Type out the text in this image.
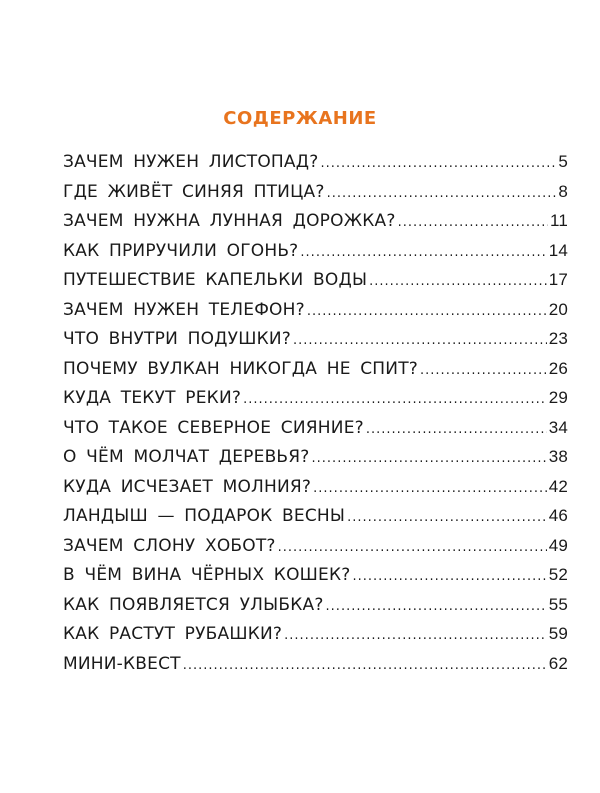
СОДЕРЖАНИЕ
ЗАЧЕМ НУЖЕН ЛИСТОПАД? .....	5
ГДЕ ЖИВЁТ СИНЯЯ ПТИЦА? .....	8
ЗАЧЕМ НУЖНА ЛУННАЯ ДОРОЖКА? .....	11
КАК ПРИРУЧИЛИ ОГОНЬ? .....	14
ПУТЕШЕСТВИЕ КАПЕЛЬКИ ВОДЫ .....	17
ЗАЧЕМ НУЖЕН ТЕЛЕФОН? .....	20
ЧТО ВНУТРИ ПОДУШКИ? .....	23
ПОЧЕМУ ВУЛКАН НИКОГДА НЕ СПИТ? .....	26
КУДА ТЕКУТ РЕКИ? .....	29
ЧТО ТАКОЕ СЕВЕРНОЕ СИЯНИЕ? .....	34
О ЧЁМ МОЛЧАТ ДЕРЕВЬЯ? .....	38
КУДА ИСЧЕЗАЕТ МОЛНИЯ? .....	42
ЛАНДЫШ — ПОДАРОК ВЕСНЫ .....	46
ЗАЧЕМ СЛОНУ ХОБОТ? .....	49
В ЧЁМ ВИНА ЧЁРНЫХ КОШЕК? .....	52
КАК ПОЯВЛЯЕТСЯ УЛЫБКА? .....	55
КАК РАСТУТ РУБАШКИ? .....	59
МИНИ-КВЕСТ .....	62
